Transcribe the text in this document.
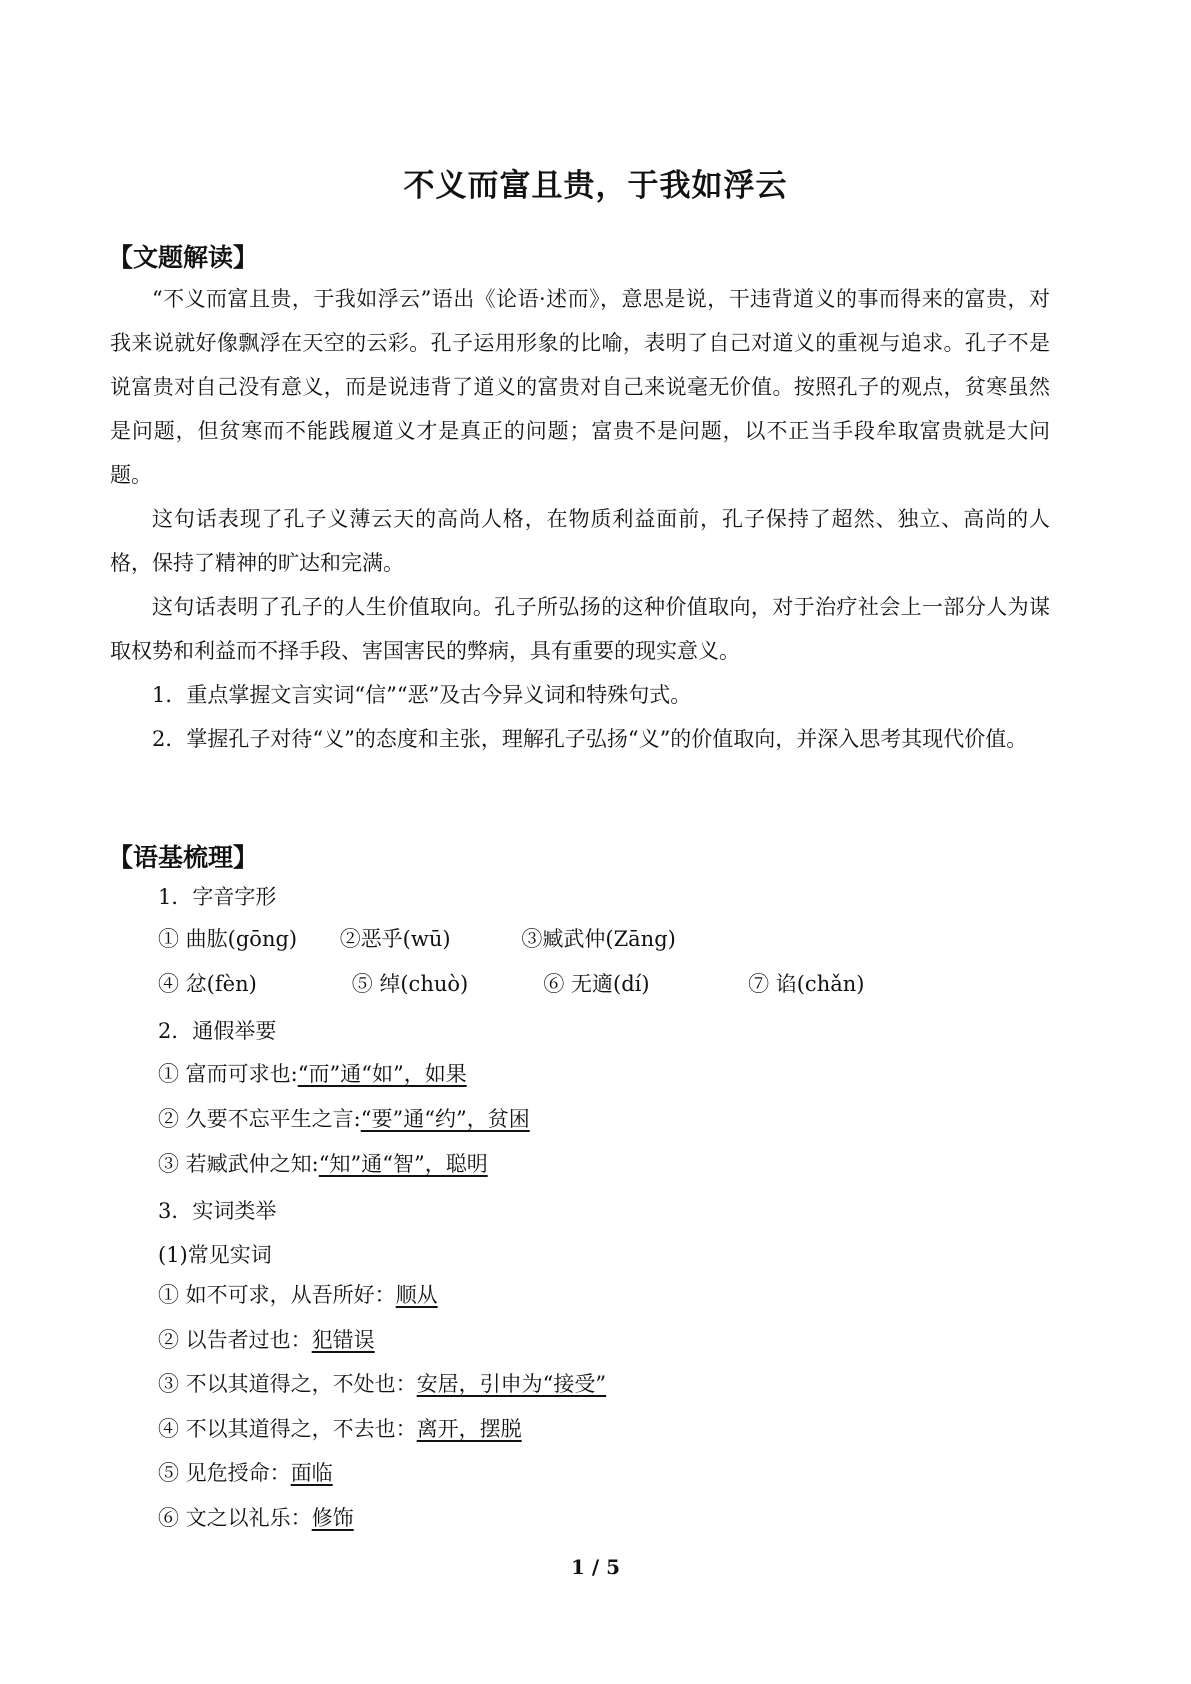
不义而富且贵，于我如浮云
【文题解读】
“不义而富且贵，于我如浮云”语出《论语·述而》，意思是说，干违背道义的事而得来的富贵，对我来说就好像飘浮在天空的云彩。孔子运用形象的比喻，表明了自己对道义的重视与追求。孔子不是说富贵对自己没有意义，而是说违背了道义的富贵对自己来说毫无价值。按照孔子的观点，贫寒虽然是问题，但贫寒而不能践履道义才是真正的问题；富贵不是问题，以不正当手段牟取富贵就是大问题。
这句话表现了孔子义薄云天的高尚人格，在物质利益面前，孔子保持了超然、独立、高尚的人格，保持了精神的旷达和完满。
这句话表明了孔子的人生价值取向。孔子所弘扬的这种价值取向，对于治疗社会上一部分人为谋取权势和利益而不择手段、害国害民的弊病，具有重要的现实意义。
1．重点掌握文言实词“信”“恶”及古今异义词和特殊句式。
2．掌握孔子对待“义”的态度和主张，理解孔子弘扬“义”的价值取向，并深入思考其现代价值。
【语基梳理】
1．字音字形
① 曲肱(gōng) ②恶乎(wū)	③臧武仲(Zāng)
④ 忿(fèn)	⑤ 绰(chuò)	⑥ 无適(dí)	⑦ 谄(chǎn)
2．通假举要
① 富而可求也:“而”通“如”，如果
② 久要不忘平生之言:“要”通“约”，贫困
③ 若臧武仲之知:“知”通“智”，聪明
3．实词类举
(1)常见实词
① 如不可求，从吾所好：顺从
② 以告者过也：犯错误
③ 不以其道得之，不处也：安居，引申为“接受”
④ 不以其道得之，不去也：离开，摆脱
⑤ 见危授命：面临
⑥ 文之以礼乐：修饰
1 / 5
